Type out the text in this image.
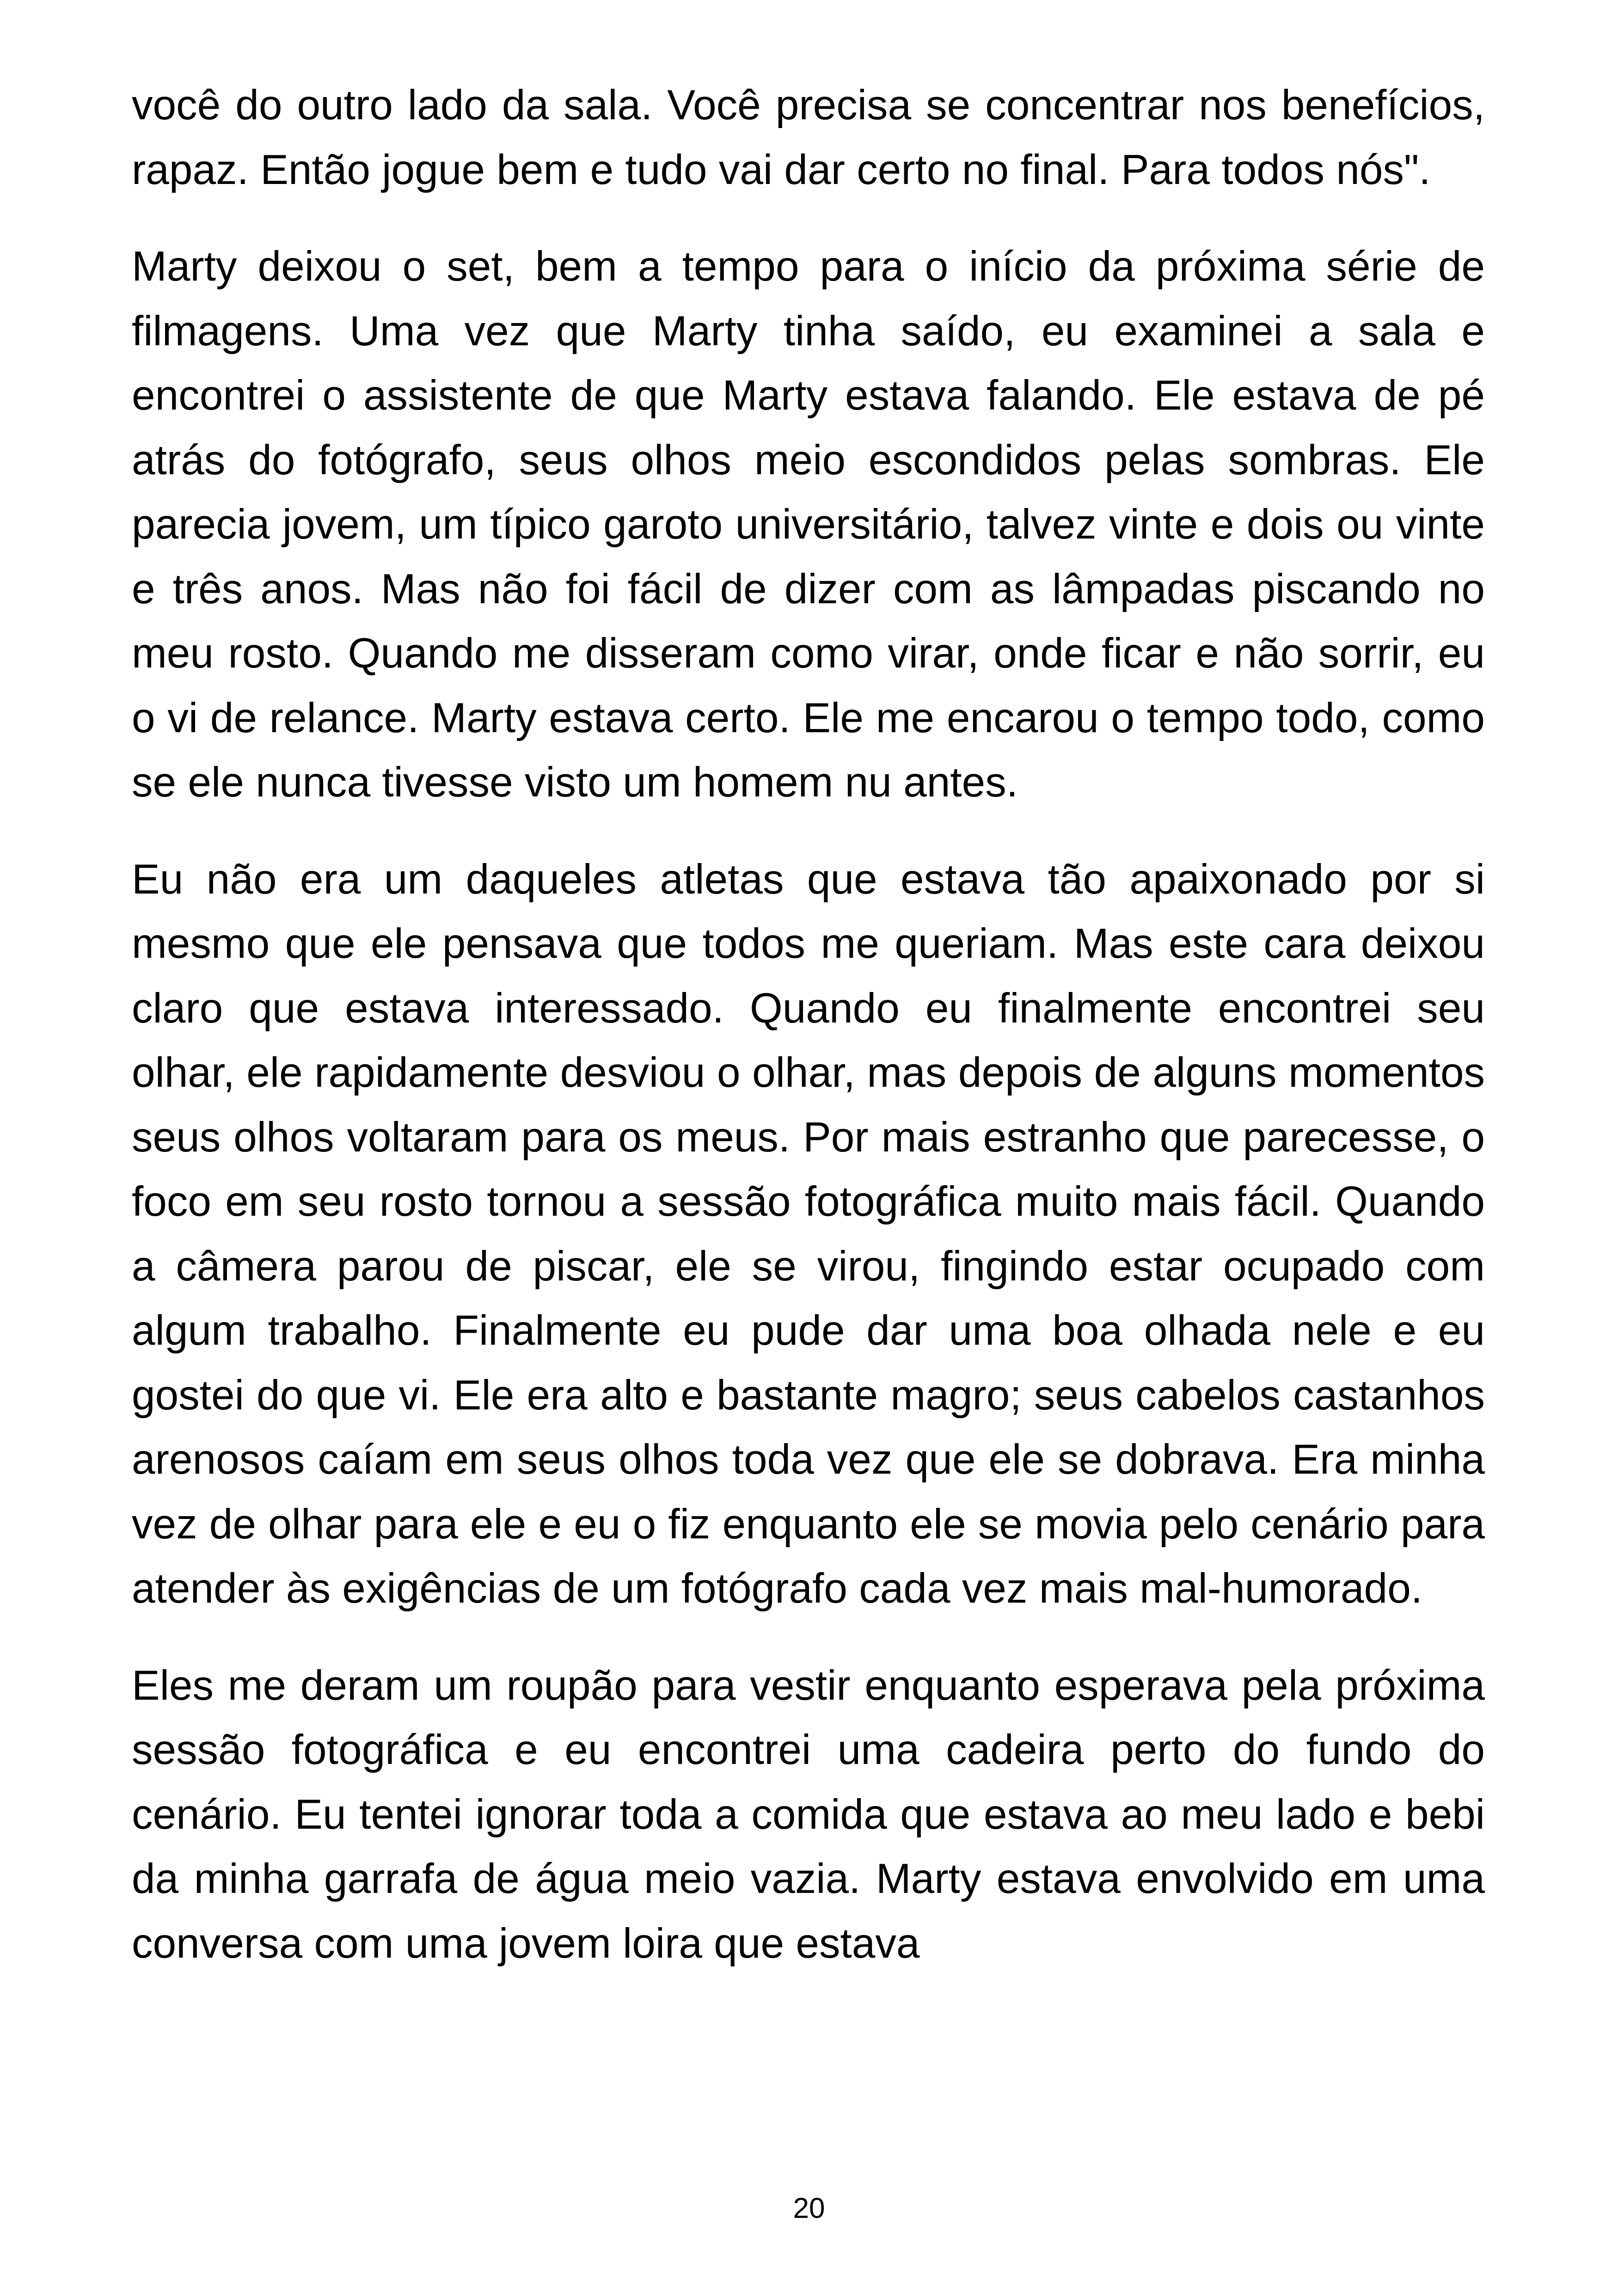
você do outro lado da sala. Você precisa se concentrar nos benefícios, rapaz. Então jogue bem e tudo vai dar certo no final. Para todos nós".

Marty deixou o set, bem a tempo para o início da próxima série de filmagens. Uma vez que Marty tinha saído, eu examinei a sala e encontrei o assistente de que Marty estava falando. Ele estava de pé atrás do fotógrafo, seus olhos meio escondidos pelas sombras. Ele parecia jovem, um típico garoto universitário, talvez vinte e dois ou vinte e três anos. Mas não foi fácil de dizer com as lâmpadas piscando no meu rosto. Quando me disseram como virar, onde ficar e não sorrir, eu o vi de relance. Marty estava certo. Ele me encarou o tempo todo, como se ele nunca tivesse visto um homem nu antes.

Eu não era um daqueles atletas que estava tão apaixonado por si mesmo que ele pensava que todos me queriam. Mas este cara deixou claro que estava interessado. Quando eu finalmente encontrei seu olhar, ele rapidamente desviou o olhar, mas depois de alguns momentos seus olhos voltaram para os meus. Por mais estranho que parecesse, o foco em seu rosto tornou a sessão fotográfica muito mais fácil. Quando a câmera parou de piscar, ele se virou, fingindo estar ocupado com algum trabalho. Finalmente eu pude dar uma boa olhada nele e eu gostei do que vi. Ele era alto e bastante magro; seus cabelos castanhos arenosos caíam em seus olhos toda vez que ele se dobrava. Era minha vez de olhar para ele e eu o fiz enquanto ele se movia pelo cenário para atender às exigências de um fotógrafo cada vez mais mal-humorado.

Eles me deram um roupão para vestir enquanto esperava pela próxima sessão fotográfica e eu encontrei uma cadeira perto do fundo do cenário. Eu tentei ignorar toda a comida que estava ao meu lado e bebi da minha garrafa de água meio vazia. Marty estava envolvido em uma conversa com uma jovem loira que estava

20
